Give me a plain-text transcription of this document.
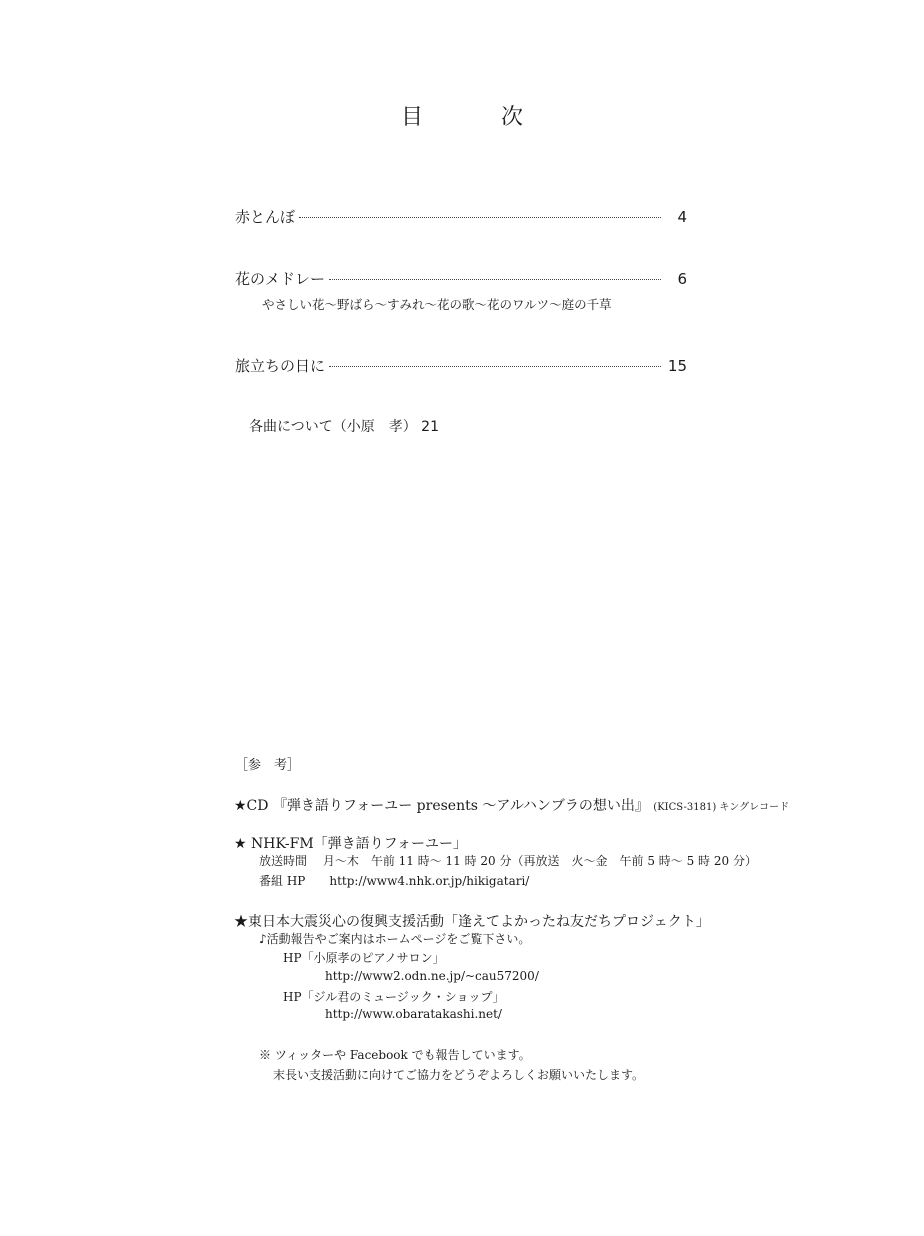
目　次
赤とんぼ	4
花のメドレー	6
やさしい花〜野ばら〜すみれ〜花の歌〜花のワルツ〜庭の千草
旅立ちの日に	15
各曲について（小原　孝） 21
［参　考］
★CD 『弾き語りフォーユー presents 〜アルハンブラの想い出』 (KICS-3181) キングレコード
★ NHK-FM「弾き語りフォーユー」
放送時間　 月〜木　午前 11 時〜 11 時 20 分（再放送　火〜金　午前 5 時〜 5 時 20 分）
番組 HP　　http://www4.nhk.or.jp/hikigatari/
★東日本大震災心の復興支援活動「逢えてよかったね友だちプロジェクト」
♪活動報告やご案内はホームページをご覧下さい。
HP「小原孝のピアノサロン」
http://www2.odn.ne.jp/~cau57200/
HP「ジル君のミュージック・ショップ」
http://www.obaratakashi.net/
※ ツィッターや Facebook でも報告しています。
末長い支援活動に向けてご協力をどうぞよろしくお願いいたします。
